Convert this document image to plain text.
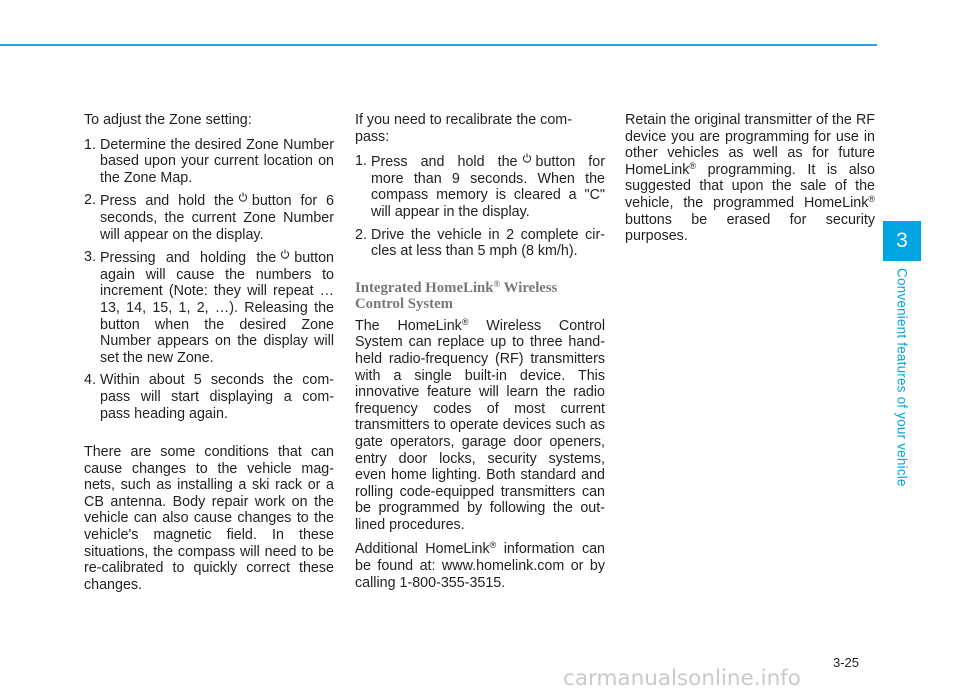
3
Convenient features of your vehicle

To adjust the Zone setting:

1. Determine the desired Zone Number based upon your current location on the Zone Map.
2. Press and hold the button for 6 seconds, the current Zone Number will appear on the display.
3. Pressing and holding the button again will cause the numbers to increment (Note: they will repeat …13, 14, 15, 1, 2, …). Releasing the button when the desired Zone Number appears on the display will set the new Zone.
4. Within about 5 seconds the com- pass will start displaying a com- pass heading again.

There are some conditions that can cause changes to the vehicle mag- nets, such as installing a ski rack or a CB antenna. Body repair work on the vehicle can also cause changes to the vehicle's magnetic field. In these situations, the compass will need to be re-calibrated to quickly correct these changes.

If you need to recalibrate the com- pass:

1. Press and hold the button for more than 9 seconds. When the compass memory is cleared a "C" will appear in the display.
2. Drive the vehicle in 2 complete cir- cles at less than 5 mph (8 km/h).
Integrated HomeLink® Wireless Control System

The HomeLink® Wireless Control System can replace up to three hand-held radio-frequency (RF) transmitters with a single built-in device. This innovative feature will learn the radio frequency codes of most current transmitters to operate devices such as gate operators, garage door openers, entry door locks, security systems, even home lighting. Both standard and rolling code-equipped transmitters can be programmed by following the out- lined procedures.

Additional HomeLink® information can be found at: www.homelink.com or by calling 1-800-355-3515.

Retain the original transmitter of the RF device you are programming for use in other vehicles as well as for future HomeLink® programming. It is also suggested that upon the sale of the vehicle, the programmed HomeLink® buttons be erased for security purposes.

3-25
carmanualsonline.info
